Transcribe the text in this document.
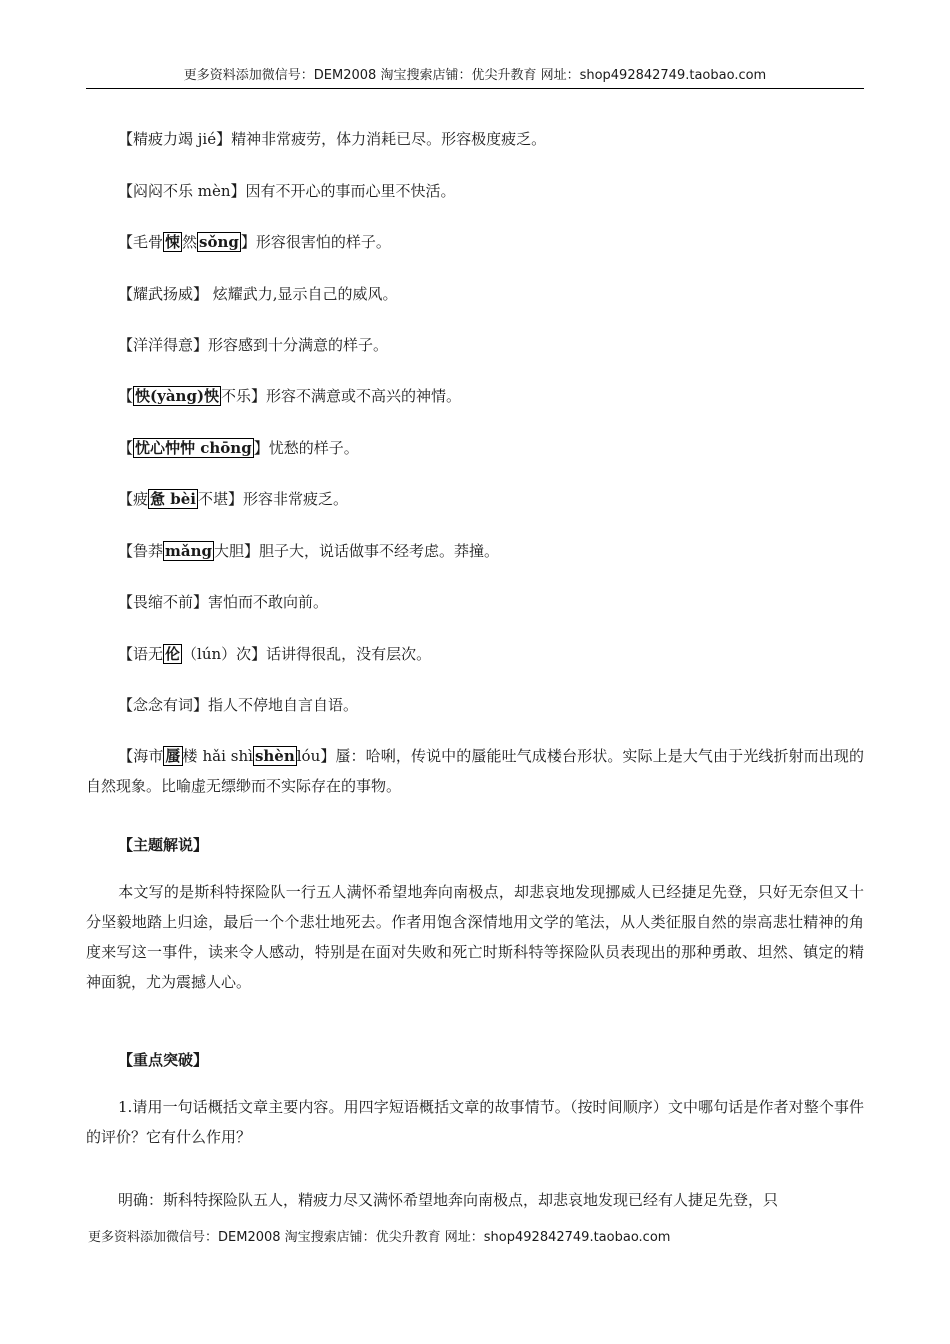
更多资料添加微信号：DEM2008 淘宝搜索店铺：优尖升教育 网址：shop492842749.taobao.com
【精疲力竭 jié】精神非常疲劳，体力消耗已尽。形容极度疲乏。
【闷闷不乐 mèn】因有不开心的事而心里不快活。
【毛骨 悚 然 sǒng 】形容很害怕的样子。
【耀武扬威】 炫耀武力,显示自己的威风。
【洋洋得意】形容感到十分满意的样子。
【 怏(yàng)怏 不乐】形容不满意或不高兴的神情。
【 忧心忡忡 chōng 】忧愁的样子。
【疲 惫 bèi 不堪】形容非常疲乏。
【鲁莽 mǎng 大胆】胆子大，说话做事不经考虑。莽撞。
【畏缩不前】害怕而不敢向前。
【语无 伦 （lún）次】话讲得很乱，没有层次。
【念念有词】指人不停地自言自语。
【海市 蜃 楼 hǎi shì shèn lóu】蜃：哈唎，传说中的蜃能吐气成楼台形状。实际上是大气由于光线折射而出现的自然现象。比喻虚无缥缈而不实际存在的事物。
【主题解说】
本文写的是斯科特探险队一行五人满怀希望地奔向南极点，却悲哀地发现挪威人已经捷足先登，只好无奈但又十分坚毅地踏上归途，最后一个个悲壮地死去。作者用饱含深情地用文学的笔法，从人类征服自然的崇高悲壮精神的角度来写这一事件，读来令人感动，特别是在面对失败和死亡时斯科特等探险队员表现出的那种勇敢、坦然、镇定的精神面貌，尤为震撼人心。
【重点突破】
1.请用一句话概括文章主要内容。用四字短语概括文章的故事情节。（按时间顺序）文中哪句话是作者对整个事件的评价？它有什么作用？
明确：斯科特探险队五人，精疲力尽又满怀希望地奔向南极点，却悲哀地发现已经有人捷足先登，只
更多资料添加微信号：DEM2008 淘宝搜索店铺：优尖升教育 网址：shop492842749.taobao.com
